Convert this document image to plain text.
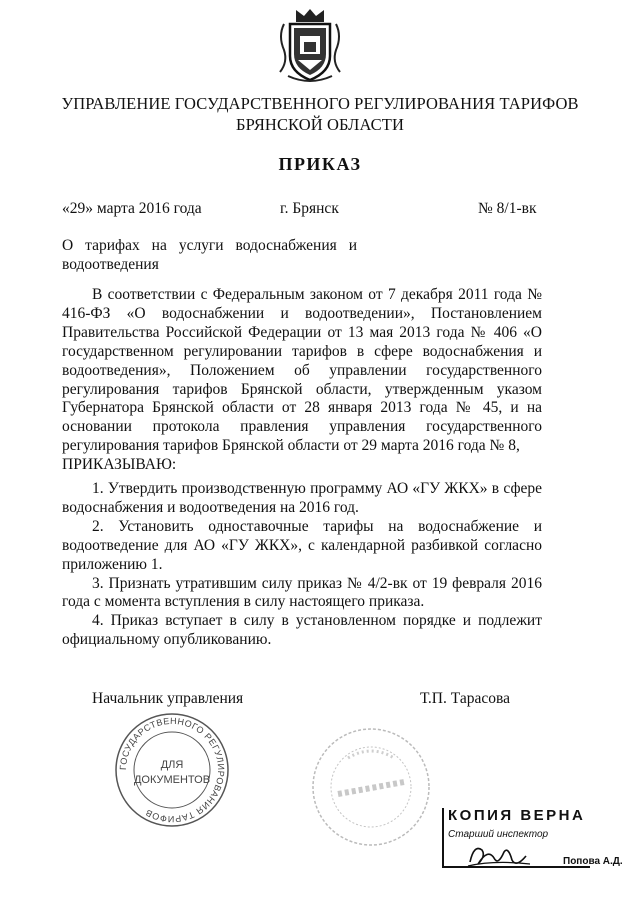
УПРАВЛЕНИЕ ГОСУДАРСТВЕННОГО РЕГУЛИРОВАНИЯ ТАРИФОВ
БРЯНСКОЙ ОБЛАСТИ
ПРИКАЗ
«29» марта 2016 года	г. Брянск	№ 8/1-вк
О тарифах на услуги водоснабжения и водоотведения

В соответствии с Федеральным законом от 7 декабря 2011 года № 416-ФЗ «О водоснабжении и водоотведении», Постановлением Правительства Российской Федерации от 13 мая 2013 года № 406 «О государственном регулировании тарифов в сфере водоснабжения и водоотведения», Положением об управлении государственного регулирования тарифов Брянской области, утвержденным указом Губернатора Брянской области от 28 января 2013 года № 45, и на основании протокола правления управления государственного регулирования тарифов Брянской области от 29 марта 2016 года № 8,

ПРИКАЗЫВАЮ:

1. Утвердить производственную программу АО «ГУ ЖКХ» в сфере водоснабжения и водоотведения на 2016 год.

2. Установить одноставочные тарифы на водоснабжение и водоотведение для АО «ГУ ЖКХ», с календарной разбивкой согласно приложению 1.

3. Признать утратившим силу приказ № 4/2-вк от 19 февраля 2016 года с момента вступления в силу настоящего приказа.

4. Приказ вступает в силу в установленном порядке и подлежит официальному опубликованию.

Начальник управления	Т.П. Тарасова
ГОСУДАРСТВЕННОГО РЕГУЛИРОВАНИЯ ТАРИФОВ
ДЛЯ
ДОКУМЕНТОВ
КОПИЯ ВЕРНА
Старший инспектор
Попова А.Д.
